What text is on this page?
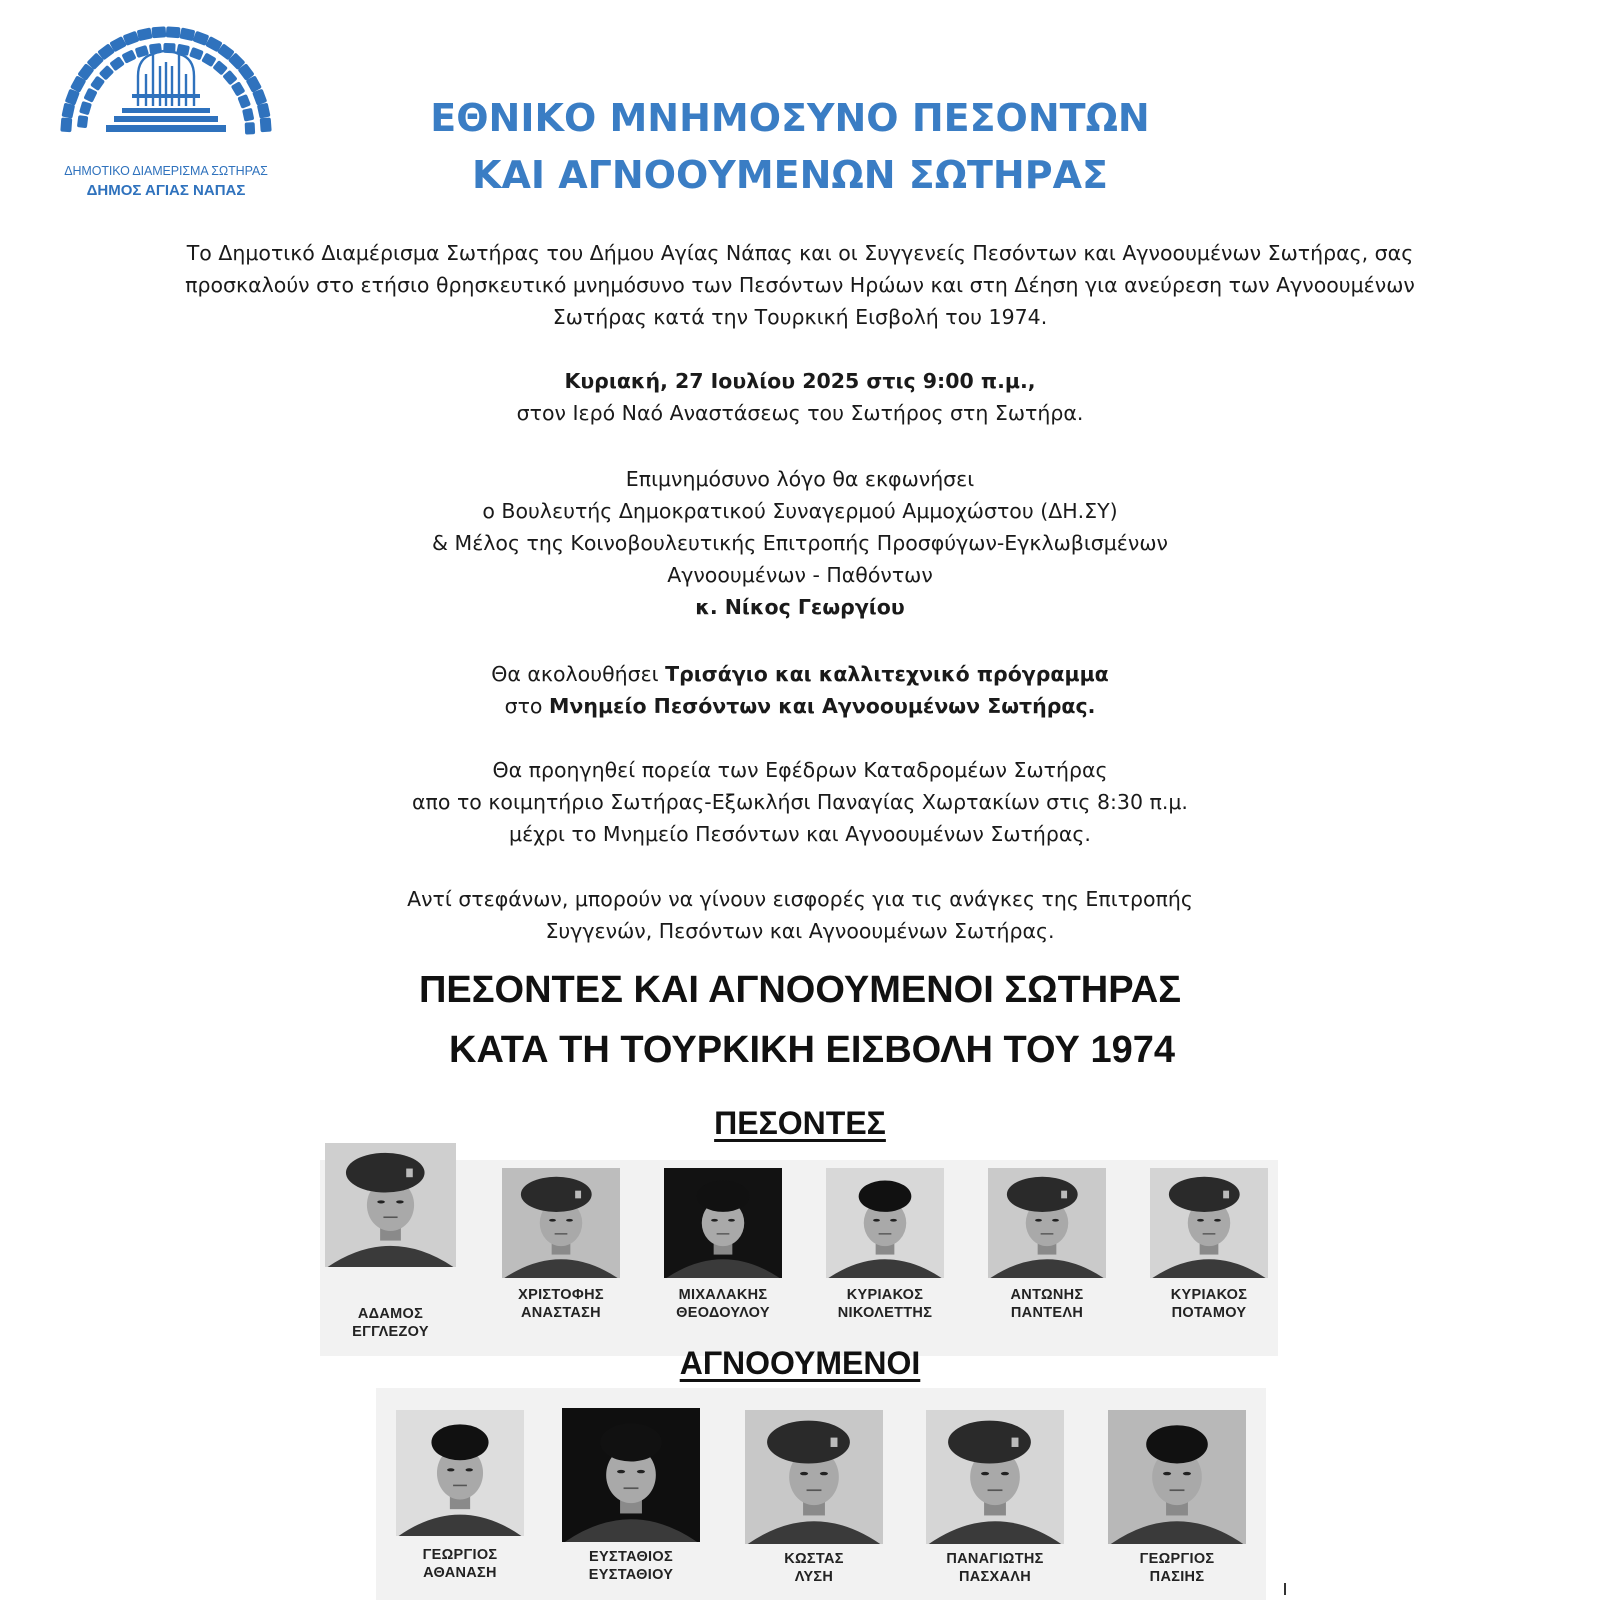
ΔΗΜΟΤΙΚΟ ΔΙΑΜΕΡΙΣΜΑ ΣΩΤΗΡΑΣ
ΔΗΜΟΣ ΑΓΙΑΣ ΝΑΠΑΣ
ΕΘΝΙΚΟ ΜΝΗΜΟΣΥΝΟ ΠΕΣΟΝΤΩΝ
ΚΑΙ ΑΓΝΟΟΥΜΕΝΩΝ ΣΩΤΗΡΑΣ
Το Δημοτικό Διαμέρισμα Σωτήρας του Δήμου Αγίας Νάπας και οι Συγγενείς Πεσόντων και Αγνοουμένων Σωτήρας, σας
προσκαλούν στο ετήσιο θρησκευτικό μνημόσυνο των Πεσόντων Ηρώων και στη Δέηση για ανεύρεση των Αγνοουμένων
Σωτήρας κατά την Τουρκική Εισβολή του 1974.
Κυριακή, 27 Ιουλίου 2025 στις 9:00 π.μ.,
στον Ιερό Ναό Αναστάσεως του Σωτήρος στη Σωτήρα.
Επιμνημόσυνο λόγο θα εκφωνήσει
ο Βουλευτής Δημοκρατικού Συναγερμού Αμμοχώστου (ΔΗ.ΣΥ)
& Μέλος της Κοινοβουλευτικής Επιτροπής Προσφύγων-Εγκλωβισμένων
Αγνοουμένων - Παθόντων
κ. Νίκος Γεωργίου
Θα ακολουθήσει Τρισάγιο και καλλιτεχνικό πρόγραμμα
στο Μνημείο Πεσόντων και Αγνοουμένων Σωτήρας.
Θα προηγηθεί πορεία των Εφέδρων Καταδρομέων Σωτήρας
απο το κοιμητήριο Σωτήρας-Εξωκλήσι Παναγίας Χωρτακίων στις 8:30 π.μ.
μέχρι το Μνημείο Πεσόντων και Αγνοουμένων Σωτήρας.
Αντί στεφάνων, μπορούν να γίνουν εισφορές για τις ανάγκες της Επιτροπής
Συγγενών, Πεσόντων και Αγνοουμένων Σωτήρας.
ΠΕΣΟΝΤΕΣ ΚΑΙ ΑΓΝΟΟΥΜΕΝΟΙ ΣΩΤΗΡΑΣ
ΚΑΤΑ ΤΗ ΤΟΥΡΚΙΚΗ ΕΙΣΒΟΛΗ ΤΟΥ 1974
ΠΕΣΟΝΤΕΣ
ΑΔΑΜΟΣ
ΕΓΓΛΕΖΟΥ
ΧΡΙΣΤΟΦΗΣ
ΑΝΑΣΤΑΣΗ
ΜΙΧΑΛΑΚΗΣ
ΘΕΟΔΟΥΛΟΥ
ΚΥΡΙΑΚΟΣ
ΝΙΚΟΛΕΤΤΗΣ
ΑΝΤΩΝΗΣ
ΠΑΝΤΕΛΗ
ΚΥΡΙΑΚΟΣ
ΠΟΤΑΜΟΥ
ΑΓΝΟΟΥΜΕΝΟΙ
ΓΕΩΡΓΙΟΣ
ΑΘΑΝΑΣΗ
ΕΥΣΤΑΘΙΟΣ
ΕΥΣΤΑΘΙΟΥ
ΚΩΣΤΑΣ
ΛΥΣΗ
ΠΑΝΑΓΙΩΤΗΣ
ΠΑΣΧΑΛΗ
ΓΕΩΡΓΙΟΣ
ΠΑΣΙΗΣ
